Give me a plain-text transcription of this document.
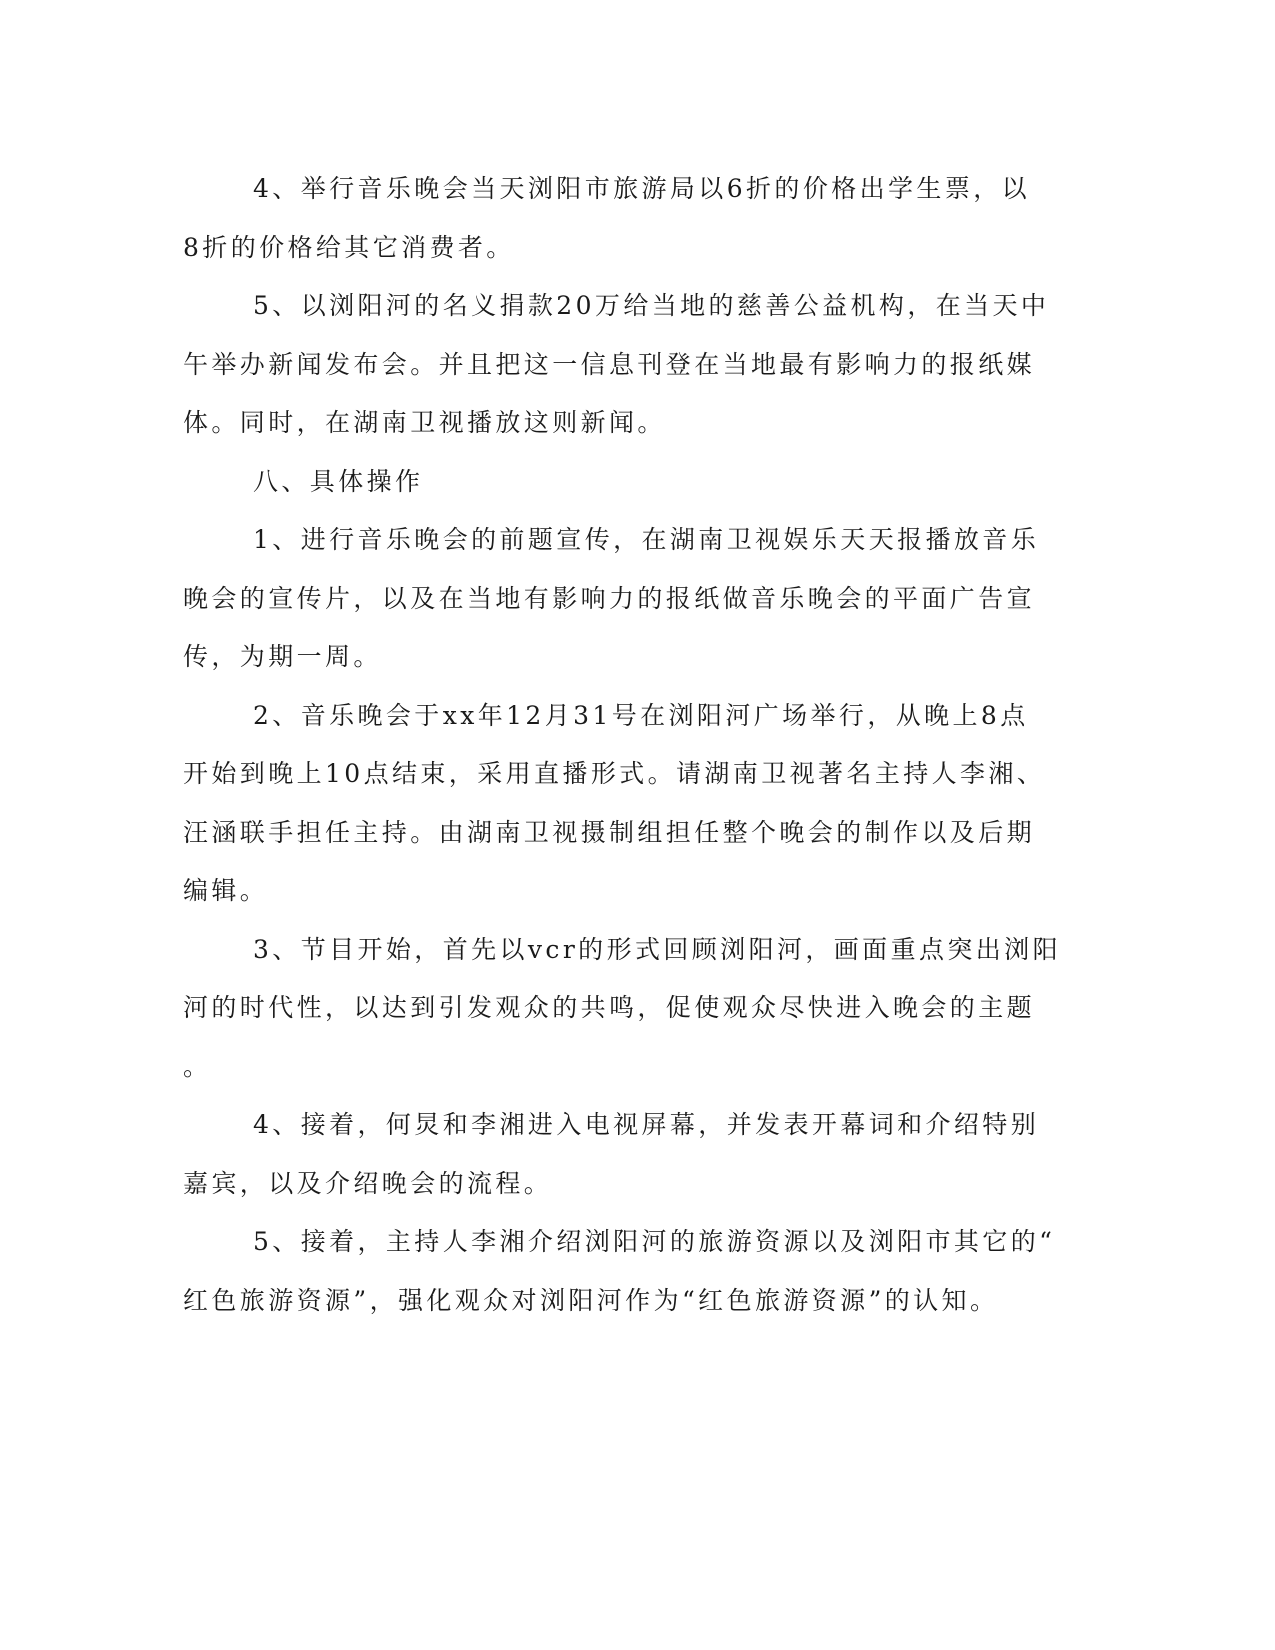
4、举行音乐晚会当天浏阳市旅游局以6折的价格出学生票，以
8折的价格给其它消费者。
5、以浏阳河的名义捐款20万给当地的慈善公益机构，在当天中
午举办新闻发布会。并且把这一信息刊登在当地最有影响力的报纸媒
体。同时，在湖南卫视播放这则新闻。
八、具体操作
1、进行音乐晚会的前题宣传，在湖南卫视娱乐天天报播放音乐
晚会的宣传片，以及在当地有影响力的报纸做音乐晚会的平面广告宣
传，为期一周。
2、音乐晚会于xx年12月31号在浏阳河广场举行，从晚上8点
开始到晚上10点结束，采用直播形式。请湖南卫视著名主持人李湘、
汪涵联手担任主持。由湖南卫视摄制组担任整个晚会的制作以及后期
编辑。
3、节目开始，首先以vcr的形式回顾浏阳河，画面重点突出浏阳
河的时代性，以达到引发观众的共鸣，促使观众尽快进入晚会的主题
。
4、接着，何炅和李湘进入电视屏幕，并发表开幕词和介绍特别
嘉宾，以及介绍晚会的流程。
5、接着，主持人李湘介绍浏阳河的旅游资源以及浏阳市其它的“
红色旅游资源”，强化观众对浏阳河作为“红色旅游资源”的认知。
